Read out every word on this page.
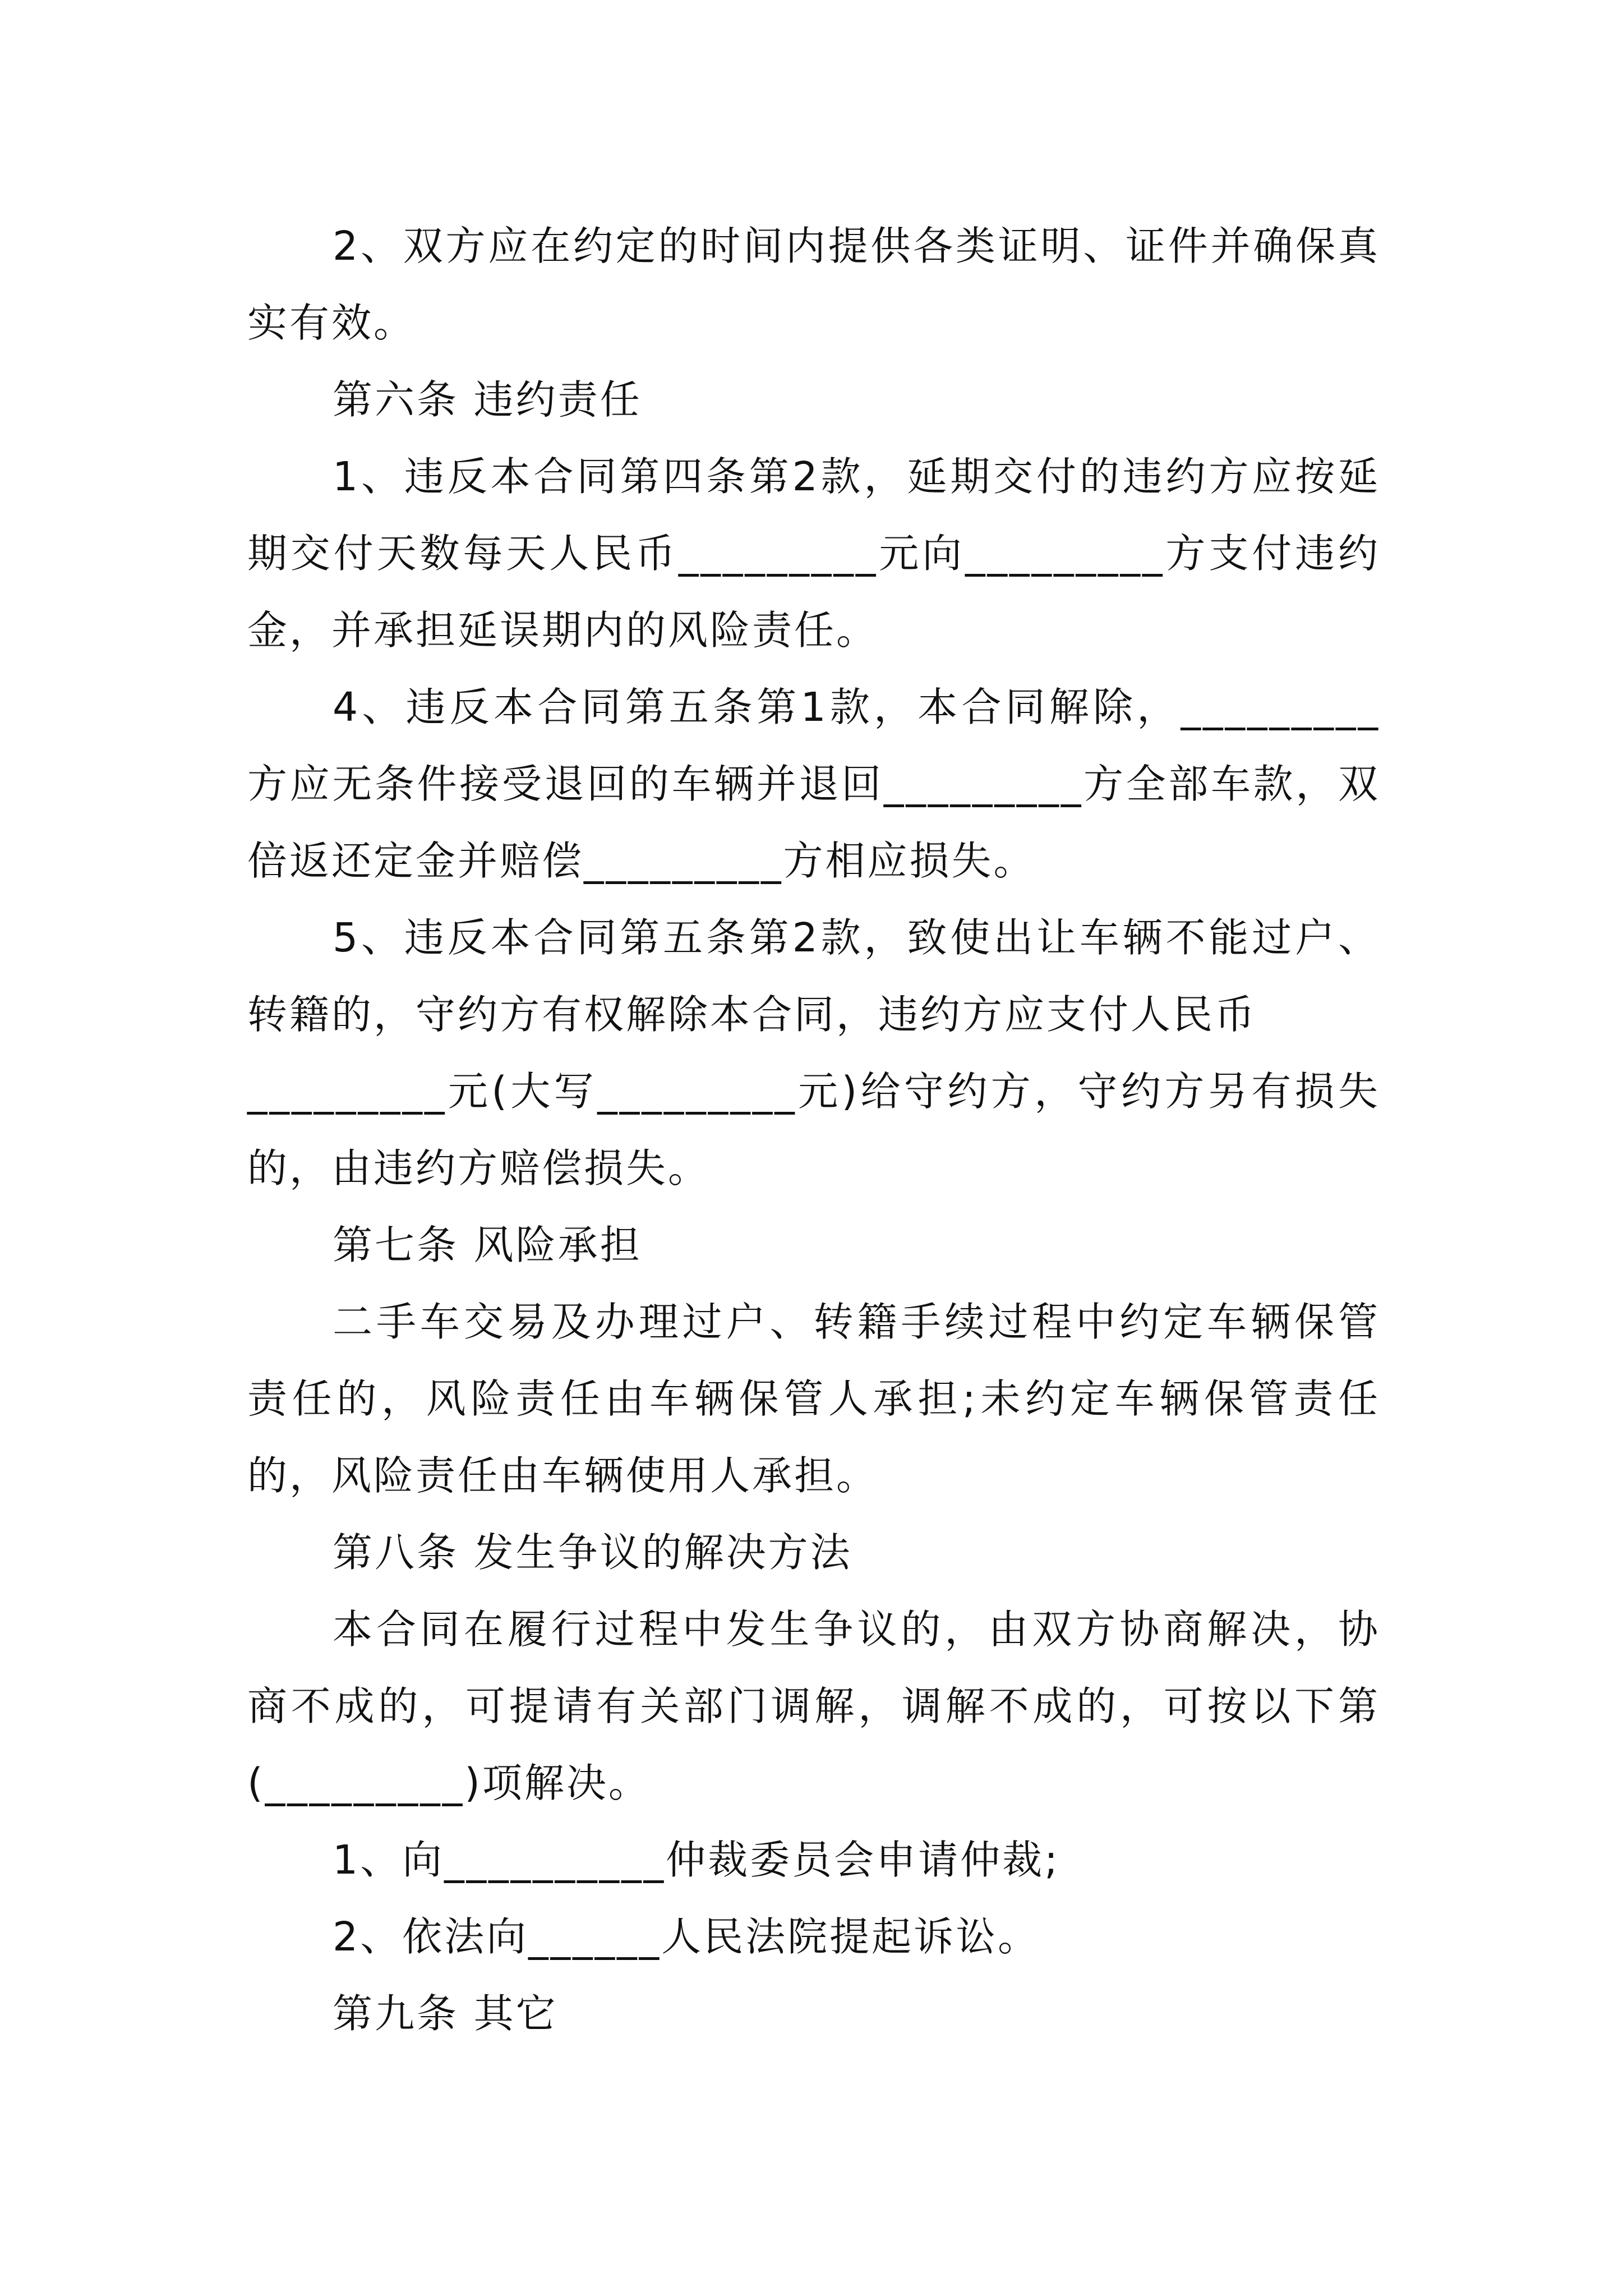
2、双方应在约定的时间内提供各类证明、证件并确保真实有效。

第六条 违约责任

1、违反本合同第四条第2款，延期交付的违约方应按延期交付天数每天人民币_________元向_________方支付违约金，并承担延误期内的风险责任。

4、违反本合同第五条第1款，本合同解除，_________方应无条件接受退回的车辆并退回_________方全部车款，双倍返还定金并赔偿_________方相应损失。

5、违反本合同第五条第2款，致使出让车辆不能过户、转籍的，守约方有权解除本合同，违约方应支付人民币

_________元(大写_________元)给守约方，守约方另有损失的，由违约方赔偿损失。

第七条 风险承担

二手车交易及办理过户、转籍手续过程中约定车辆保管责任的，风险责任由车辆保管人承担;未约定车辆保管责任的，风险责任由车辆使用人承担。

第八条 发生争议的解决方法

本合同在履行过程中发生争议的，由双方协商解决，协商不成的，可提请有关部门调解，调解不成的，可按以下第(_________)项解决。

1、向__________仲裁委员会申请仲裁;

2、依法向______人民法院提起诉讼。

第九条 其它
